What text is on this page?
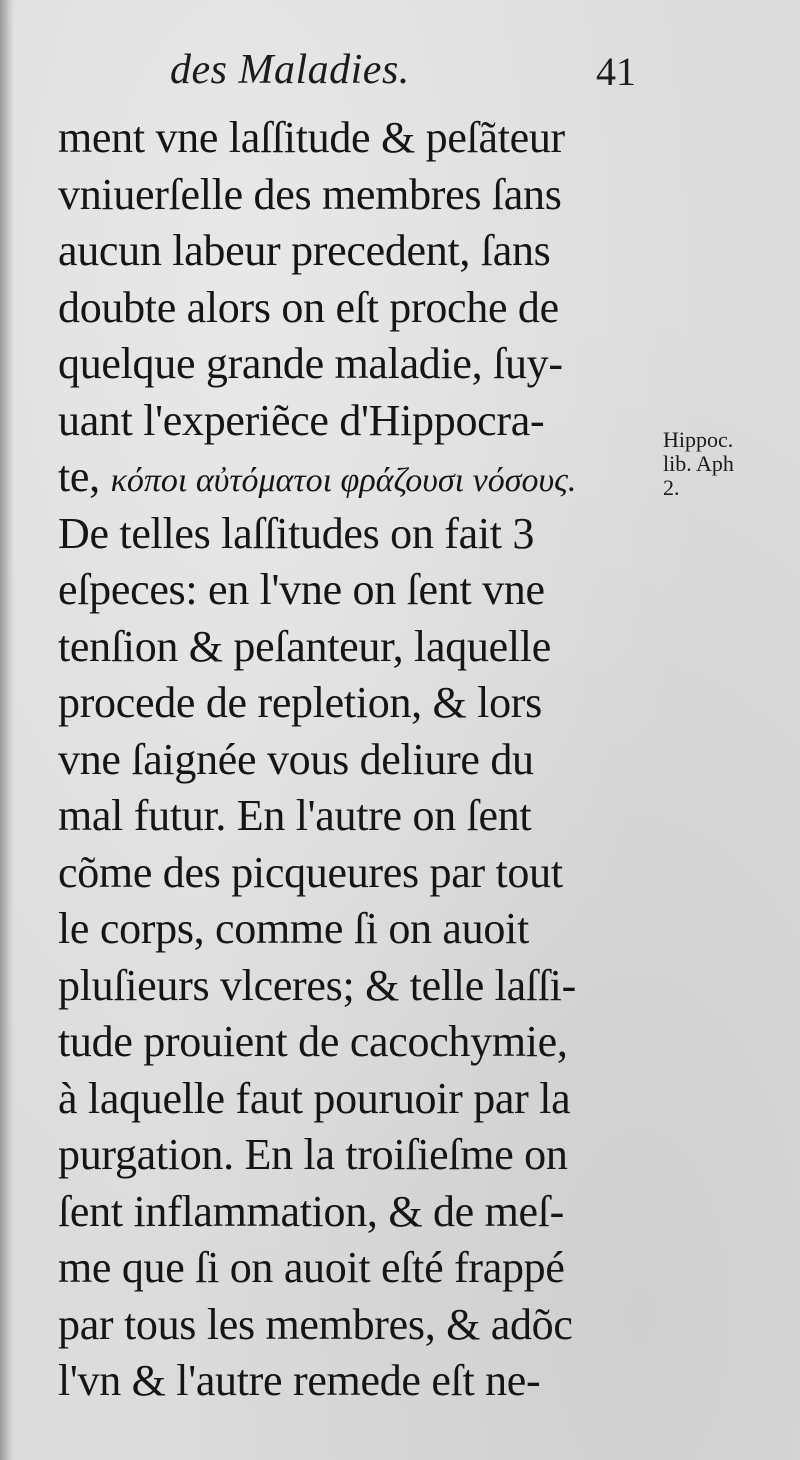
des Maladies.	41
ment vne laſſitude & peſãteur
vniuerſelle des membres ſans
aucun labeur precedent, ſans
doubte alors on eſt proche de
quelque grande maladie, ſuy-
uant l'experiẽce d'Hippocra-
te, κόποι αὐτόματοι φράζουσι νόσους.
De telles laſſitudes on fait 3
eſpeces: en l'vne on ſent vne
tenſion & peſanteur, laquelle
procede de repletion, & lors
vne ſaignée vous deliure du
mal futur. En l'autre on ſent
cõme des picqueures par tout
le corps, comme ſi on auoit
pluſieurs vlceres; & telle laſſi-
tude prouient de cacochymie,
à laquelle faut pouruoir par la
purgation. En la troiſieſme on
ſent inflammation, & de meſ-
me que ſi on auoit eſté frappé
par tous les membres, & adõc
l'vn & l'autre remede eſt ne-
Hippoc.
lib. Aph
2.
